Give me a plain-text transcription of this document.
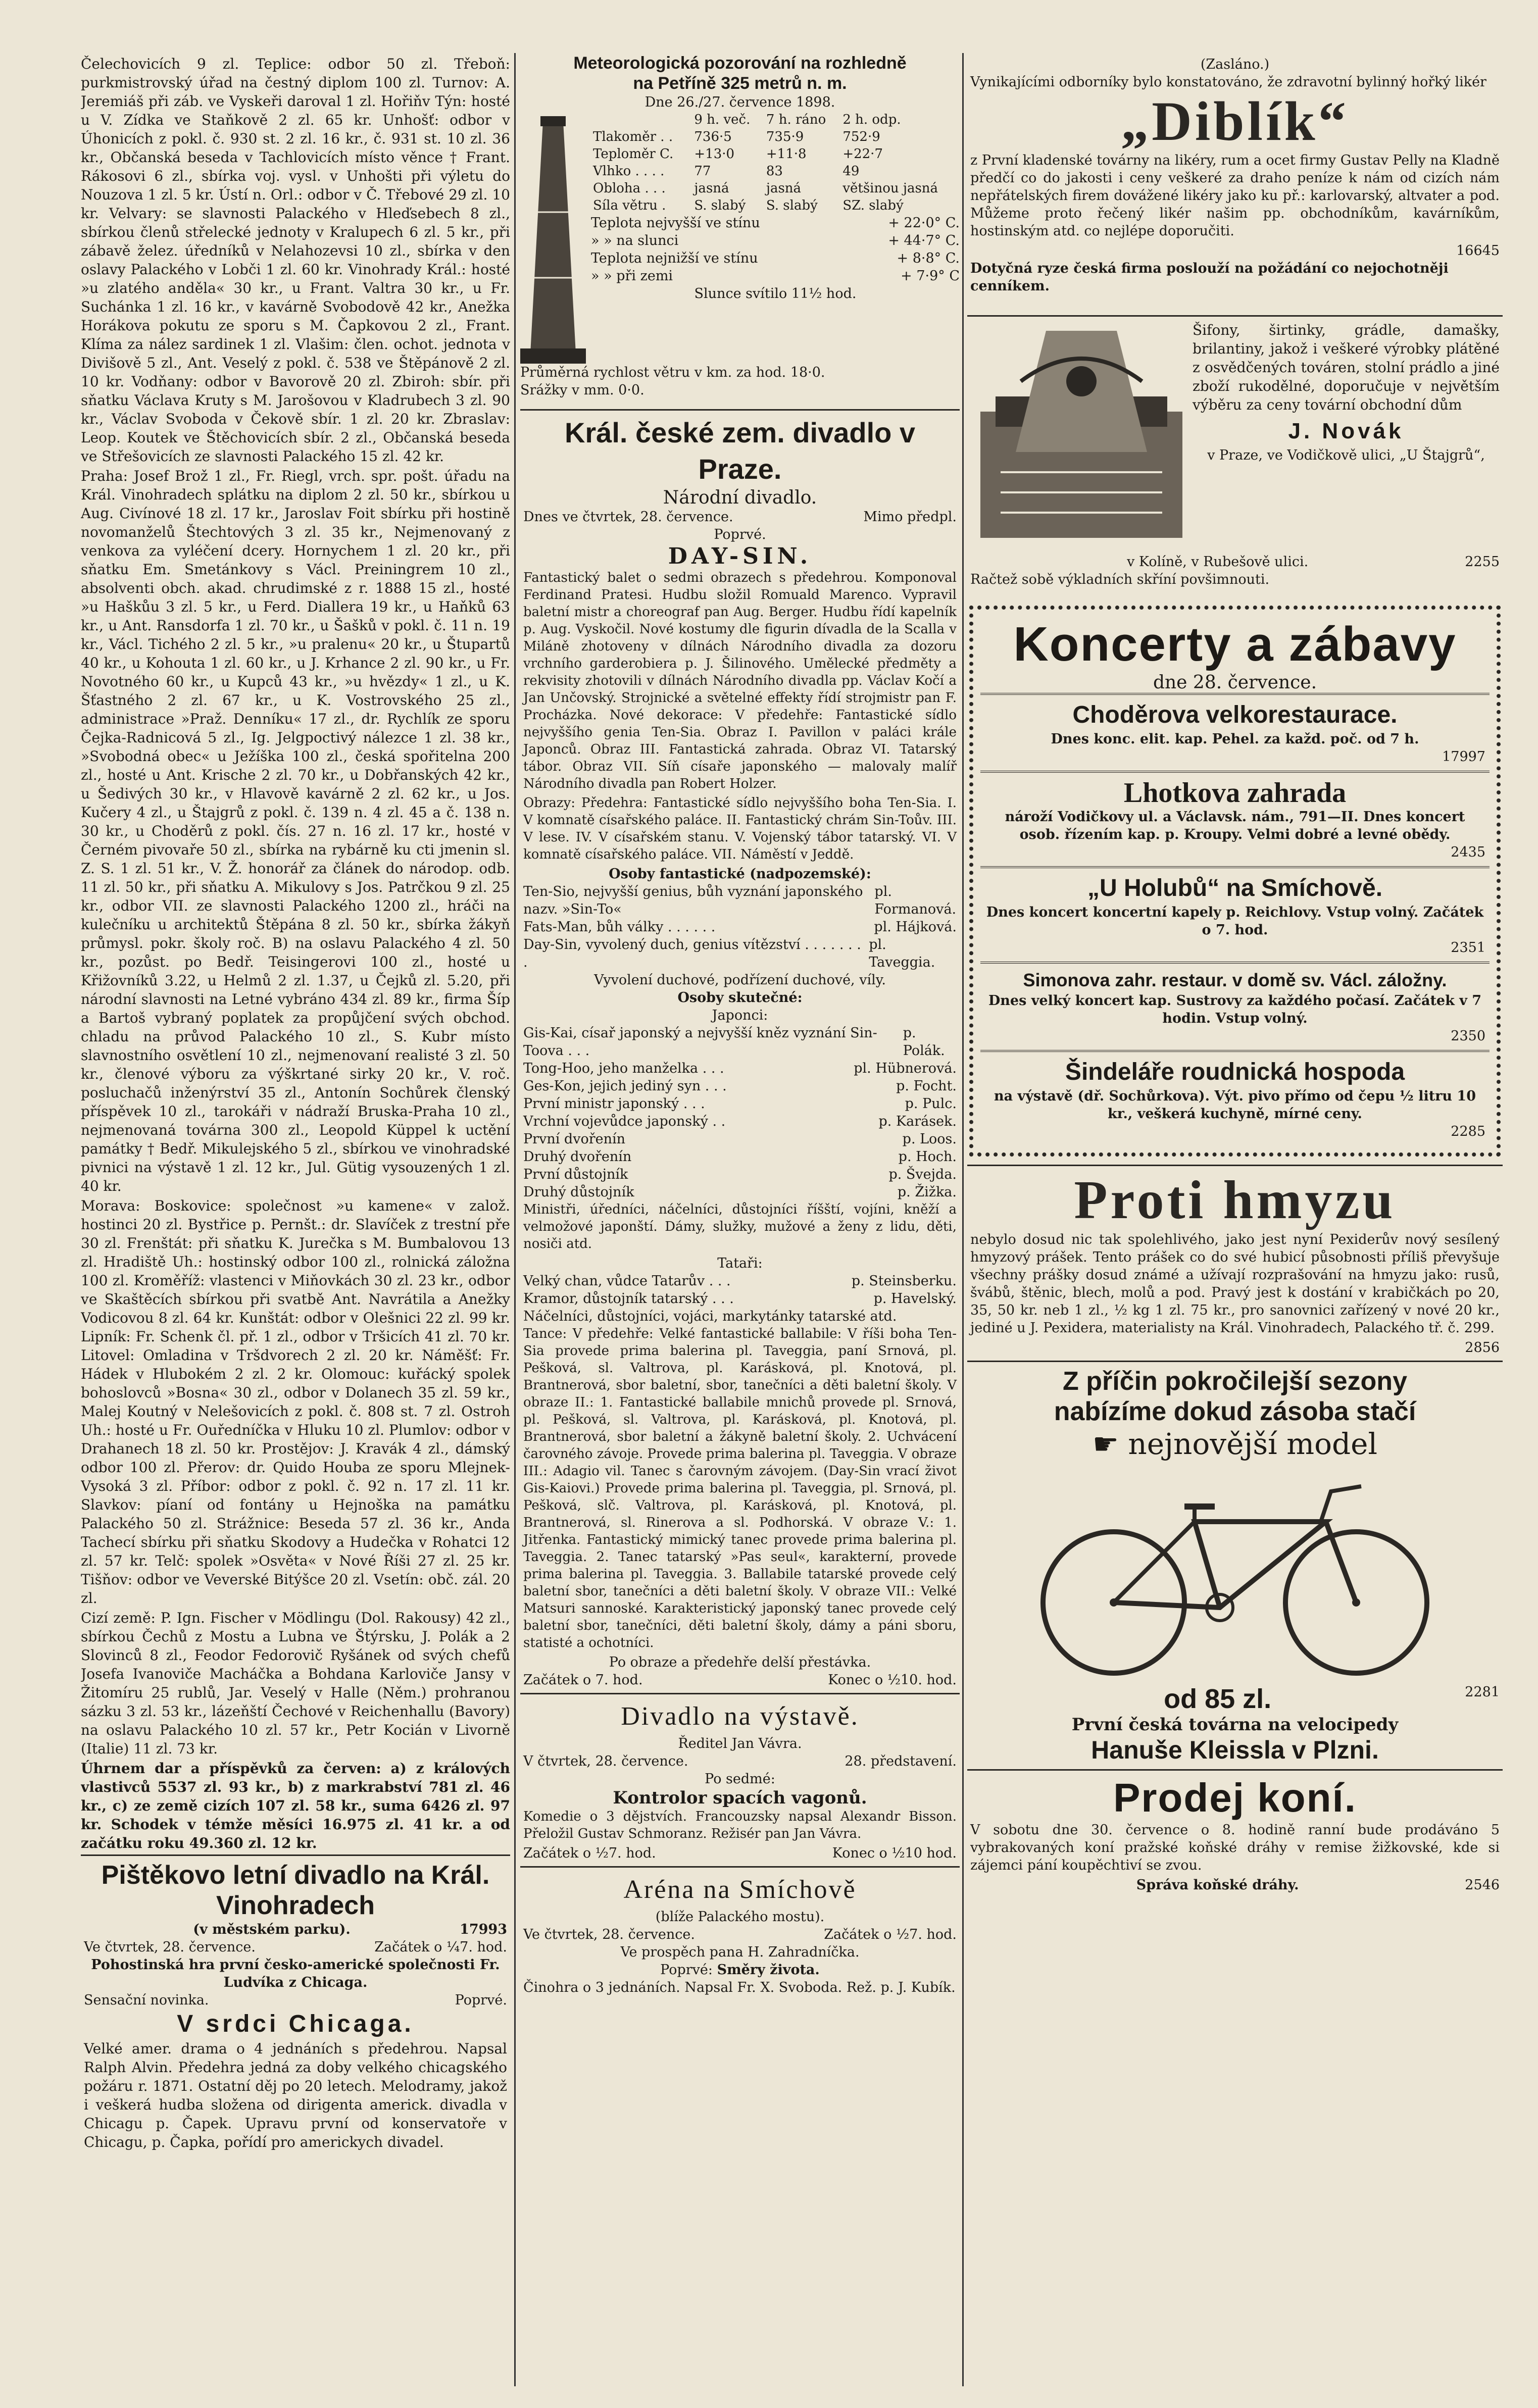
Čelechovicích 9 zl. Teplice: odbor 50 zl. Třeboň: purkmistrovský úřad na čestný diplom 100 zl. Turnov: A. Jeremiáš při záb. ve Vyskeři daroval 1 zl. Hořiňv Týn: hosté u V. Zídka ve Staňkově 2 zl. 65 kr. Unhošť: odbor v Úhonicích z pokl. č. 930 st. 2 zl. 16 kr., č. 931 st. 10 zl. 36 kr., Občanská beseda v Tachlovicích místo věnce † Frant. Rákosovi 6 zl., sbírka voj. vysl. v Unhošti při výletu do Nouzova 1 zl. 5 kr. Ústí n. Orl.: odbor v Č. Třebové 29 zl. 10 kr. Velvary: se slavnosti Palackého v Hleďsebech 8 zl., sbírkou členů střelecké jednoty v Kralupech 6 zl. 5 kr., při zábavě želez. úředníků v Nelahozevsi 10 zl., sbírka v den oslavy Palackého v Lobči 1 zl. 60 kr. Vinohrady Král.: hosté »u zlatého anděla« 30 kr., u Frant. Valtra 30 kr., u Fr. Suchánka 1 zl. 16 kr., v kavárně Svobodově 42 kr., Anežka Horákova pokutu ze sporu s M. Čapkovou 2 zl., Frant. Klíma za nález sardinek 1 zl. Vlašim: člen. ochot. jednota v Divišově 5 zl., Ant. Veselý z pokl. č. 538 ve Štěpánově 2 zl. 10 kr. Vodňany: odbor v Bavorově 20 zl. Zbiroh: sbír. při sňatku Václava Kruty s M. Jarošovou v Kladrubech 3 zl. 90 kr., Václav Svoboda v Čekově sbír. 1 zl. 20 kr. Zbraslav: Leop. Koutek ve Štěchovicích sbír. 2 zl., Občanská beseda ve Střešovicích ze slavnosti Palackého 15 zl. 42 kr.

Praha: Josef Brož 1 zl., Fr. Riegl, vrch. spr. pošt. úřadu na Král. Vinohradech splátku na diplom 2 zl. 50 kr., sbírkou u Aug. Civínové 18 zl. 17 kr., Jaroslav Foit sbírku při hostině novomanželů Štechtových 3 zl. 35 kr., Nejmenovaný z venkova za vyléčení dcery. Hornychem 1 zl. 20 kr., při sňatku Em. Smetánkovy s Václ. Preiningrem 10 zl., absolventi obch. akad. chrudimské z r. 1888 15 zl., hosté »u Haškůu 3 zl. 5 kr., u Ferd. Diallera 19 kr., u Haňků 63 kr., u Ant. Ransdorfa 1 zl. 70 kr., u Šašků v pokl. č. 11 n. 19 kr., Václ. Tichého 2 zl. 5 kr., »u pralenu« 20 kr., u Štupartů 40 kr., u Kohouta 1 zl. 60 kr., u J. Krhance 2 zl. 90 kr., u Fr. Novotného 60 kr., u Kupců 43 kr., »u hvězdy« 1 zl., u K. Šťastného 2 zl. 67 kr., u K. Vostrovského 25 zl., administrace »Praž. Denníku« 17 zl., dr. Rychlík ze sporu Čejka-Radnicová 5 zl., Ig. Jelgpoctivý nálezce 1 zl. 38 kr., »Svobodná obec« u Ježíška 100 zl., česká spořitelna 200 zl., hosté u Ant. Krische 2 zl. 70 kr., u Dobřanských 42 kr., u Šedivých 30 kr., v Hlavově kavárně 2 zl. 62 kr., u Jos. Kučery 4 zl., u Štajgrů z pokl. č. 139 n. 4 zl. 45 a č. 138 n. 30 kr., u Choděrů z pokl. čís. 27 n. 16 zl. 17 kr., hosté v Černém pivovaře 50 zl., sbírka na rybárně ku cti jmenin sl. Z. S. 1 zl. 51 kr., V. Ž. honorář za článek do národop. odb. 11 zl. 50 kr., při sňatku A. Mikulovy s Jos. Patrčkou 9 zl. 25 kr., odbor VII. ze slavnosti Palackého 1200 zl., hráči na kulečníku u architektů Štěpána 8 zl. 50 kr., sbírka žákyň průmysl. pokr. školy roč. B) na oslavu Palackého 4 zl. 50 kr., pozůst. po Bedř. Teisingerovi 100 zl., hosté u Křižovníků 3.22, u Helmů 2 zl. 1.37, u Čejků zl. 5.20, při národní slavnosti na Letné vybráno 434 zl. 89 kr., firma Šíp a Bartoš vybraný poplatek za propůjčení svých obchod. chladu na průvod Palackého 10 zl., S. Kubr místo slavnostního osvětlení 10 zl., nejmenovaní realisté 3 zl. 50 kr., členové výboru za výškrtané sirky 20 kr., V. roč. posluchačů inženýrství 35 zl., Antonín Sochůrek členský příspěvek 10 zl., tarokáři v nádraží Bruska-Praha 10 zl., nejmenovaná továrna 300 zl., Leopold Küppel k uctění památky † Bedř. Mikulejského 5 zl., sbírkou ve vinohradské pivnici na výstavě 1 zl. 12 kr., Jul. Gütig vysouzených 1 zl. 40 kr.

Morava: Boskovice: společnost »u kamene« v založ. hostinci 20 zl. Bystřice p. Pernšt.: dr. Slavíček z trestní pře 30 zl. Frenštát: při sňatku K. Jurečka s M. Bumbalovou 13 zl. Hradiště Uh.: hostinský odbor 100 zl., rolnická záložna 100 zl. Kroměříž: vlastenci v Miňovkách 30 zl. 23 kr., odbor ve Skaštěcích sbírkou při svatbě Ant. Navrátila a Anežky Vodicovou 8 zl. 64 kr. Kunštát: odbor v Olešnici 22 zl. 99 kr. Lipník: Fr. Schenk čl. př. 1 zl., odbor v Tršicích 41 zl. 70 kr. Litovel: Omladina v Tršdvorech 2 zl. 20 kr. Náměšť: Fr. Hádek v Hlubokém 2 zl. 2 kr. Olomouc: kuřácký spolek bohoslovců »Bosna« 30 zl., odbor v Dolanech 35 zl. 59 kr., Malej Koutný v Nelešovicích z pokl. č. 808 st. 7 zl. Ostroh Uh.: hosté u Fr. Ouředníčka v Hluku 10 zl. Plumlov: odbor v Drahanech 18 zl. 50 kr. Prostějov: J. Kravák 4 zl., dámský odbor 100 zl. Přerov: dr. Quido Houba ze sporu Mlejnek-Vysoká 3 zl. Příbor: odbor z pokl. č. 92 n. 17 zl. 11 kr. Slavkov: píaní od fontány u Hejnoška na památku Palackého 50 zl. Strážnice: Beseda 57 zl. 36 kr., Anda Tachecí sbírku při sňatku Skodovy a Hudečka v Rohatci 12 zl. 57 kr. Telč: spolek »Osvěta« v Nové Říši 27 zl. 25 kr. Tišňov: odbor ve Veverské Bitýšce 20 zl. Vsetín: obč. zál. 20 zl.

Cizí země: P. Ign. Fischer v Mödlingu (Dol. Rakousy) 42 zl., sbírkou Čechů z Mostu a Lubna ve Štýrsku, J. Polák a 2 Slovinců 8 zl., Feodor Fedorovič Ryšánek od svých chefů Josefa Ivanoviče Macháčka a Bohdana Karloviče Jansy v Žitomíru 25 rublů, Jar. Veselý v Halle (Něm.) prohranou sázku 3 zl. 53 kr., lázeňští Čechové v Reichenhallu (Bavory) na oslavu Palackého 10 zl. 57 kr., Petr Kocián v Livorně (Italie) 11 zl. 73 kr.

Úhrnem dar a příspěvků za červen: a) z králových vlastivců 5537 zl. 93 kr., b) z markrabství 781 zl. 46 kr., c) ze země cizích 107 zl. 58 kr., suma 6426 zl. 97 kr. Schodek v témže měsíci 16.975 zl. 41 kr. a od začátku roku 49.360 zl. 12 kr.

Pištěkovo letní divadlo na Král. Vinohradech
(v městském parku).	17993
Ve čtvrtek, 28. července.	Začátek o ¼7. hod.
Pohostinská hra první česko-americké společnosti Fr. Ludvíka z Chicaga.
Sensační novinka.	Poprvé.
V srdci Chicaga.
Velké amer. drama o 4 jednáních s předehrou. Napsal Ralph Alvin. Předehra jedná za doby velkého chicagského požáru r. 1871. Ostatní děj po 20 letech. Melodramy, jakož i veškerá hudba složena od dirigenta americk. divadla v Chicagu p. Čapek. Upravu první od konservatoře v Chicagu, p. Čapka, pořídí pro americkych divadel.
Meteorologická pozorování na rozhledně
na Petříně 325 metrů n. m.
Dne 26./27. července 1898.
	9 h. več.	7 h. ráno	2 h. odp.
Tlakoměr . .	736·5	735·9	752·9
Teploměr C.	+13·0	+11·8	+22·7
Vlhko . . . .	77	83	49
Obloha . . .	jasná	jasná	většinou jasná
Síla větru .	S. slabý	S. slabý	SZ. slabý
Teplota nejvyšší ve stínu	+ 22·0° C.
» » na slunci	+ 44·7° C.
Teplota nejnižší ve stínu	+ 8·8° C.
» » při zemi	+ 7·9° C
Slunce svítilo 11½ hod.
Průměrná rychlost větru v km. za hod. 18·0.
Srážky v mm. 0·0.
Král. české zem. divadlo v Praze.
Národní divadlo.
Dnes ve čtvrtek, 28. července.	Mimo předpl.
Poprvé.
DAY-SIN.
Fantastický balet o sedmi obrazech s předehrou. Komponoval Ferdinand Pratesi. Hudbu složil Romuald Marenco. Vypravil baletní mistr a choreograf pan Aug. Berger. Hudbu řídí kapelník p. Aug. Vyskočil. Nové kostumy dle figurin dívadla de la Scalla v Miláně zhotoveny v dílnách Národního divadla za dozoru vrchního garderobiera p. J. Šilinového. Umělecké předměty a rekvisity zhotovili v dílnách Národního divadla pp. Václav Kočí a Jan Unčovský. Strojnické a světelné effekty řídí strojmistr pan F. Procházka. Nové dekorace: V předehře: Fantastické sídlo nejvyššího genia Ten-Sia. Obraz I. Pavillon v paláci krále Japonců. Obraz III. Fantastická zahrada. Obraz VI. Tatarský tábor. Obraz VII. Síň císaře japonského — malovaly malíř Národního divadla pan Robert Holzer.
Obrazy: Předehra: Fantastické sídlo nejvyššího boha Ten-Sia. I. V komnatě císařského paláce. II. Fantastický chrám Sin-Toův. III. V lese. IV. V císařském stanu. V. Vojenský tábor tatarský. VI. V komnatě císařského paláce. VII. Náměstí v Jeddě.
Osoby fantastické (nadpozemské):
Ten-Sio, nejvyšší genius, bůh vyznání japonského nazv. »Sin-To«
pl. Formanová.
Fats-Man, bůh války . . . . . .	pl. Hájková.
Day-Sin, vyvolený duch, genius vítězství . . . . . . . .
pl. Taveggia.
Vyvolení duchové, podřízení duchové, víly.
Osoby skutečné:
Japonci:
Gis-Kai, císař japonský a nejvyšší kněz vyznání Sin-Toova . . .
p. Polák.
Tong-Hoo, jeho manželka . . .	pl. Hübnerová.
Ges-Kon, jejich jediný syn . . .	p. Focht.
První ministr japonský . . .	p. Pulc.
Vrchní vojevůdce japonský . .	p. Karásek.
První dvořenín	p. Loos.
Druhý dvořenín	p. Hoch.
První důstojník	p. Švejda.
Druhý důstojník	p. Žižka.
Ministři, úředníci, náčelníci, důstojníci říšští, vojíni, kněží a velmožové japonští. Dámy, služky, mužové a ženy z lidu, děti, nosiči atd.
Tataři:
Velký chan, vůdce Tatarův . . .	p. Steinsberku.
Kramor, důstojník tatarský . . .	p. Havelský.
Náčelníci, důstojníci, vojáci, markytánky tatarské atd.
Tance: V předehře: Velké fantastické ballabile: V říši boha Ten-Sia provede prima balerina pl. Taveggia, paní Srnová, pl. Pešková, sl. Valtrova, pl. Karásková, pl. Knotová, pl. Brantnerová, sbor baletní, sbor, tanečníci a děti baletní školy. V obraze II.: 1. Fantastické ballabile mnichů provede pl. Srnová, pl. Pešková, sl. Valtrova, pl. Karásková, pl. Knotová, pl. Brantnerová, sbor baletní a žákyně baletní školy. 2. Uchvácení čarovného závoje. Provede prima balerina pl. Taveggia. V obraze III.: Adagio vil. Tanec s čarovným závojem. (Day-Sin vrací život Gis-Kaiovi.) Provede prima balerina pl. Taveggia, pl. Srnová, pl. Pešková, slč. Valtrova, pl. Karásková, pl. Knotová, pl. Brantnerová, sl. Rinerova a sl. Podhorská. V obraze V.: 1. Jitřenka. Fantastický mimický tanec provede prima balerina pl. Taveggia. 2. Tanec tatarský »Pas seul«, karakterní, provede prima balerina pl. Taveggia. 3. Ballabile tatarské provede celý baletní sbor, tanečníci a děti baletní školy. V obraze VII.: Velké Matsuri sannoské. Karakteristický japonský tanec provede celý baletní sbor, tanečníci, děti baletní školy, dámy a páni sboru, statisté a ochotníci.
Po obraze a předehře delší přestávka.
Začátek o 7. hod.	Konec o ½10. hod.
Divadlo na výstavě.
Ředitel Jan Vávra.
V čtvrtek, 28. července.	28. představení.
Po sedmé:
Kontrolor spacích vagonů.
Komedie o 3 dějstvích. Francouzsky napsal Alexandr Bisson. Přeložil Gustav Schmoranz. Režisér pan Jan Vávra.
Začátek o ½7. hod.	Konec o ½10 hod.
Aréna na Smíchově
(blíže Palackého mostu).
Ve čtvrtek, 28. července.	Začátek o ½7. hod.
Ve prospěch pana H. Zahradníčka.
Poprvé: Směry života.
Činohra o 3 jednáních. Napsal Fr. X. Svoboda. Rež. p. J. Kubík.
(Zasláno.)
Vynikajícími odborníky bylo konstatováno, že zdravotní bylinný hořký likér
„Diblík“
z První kladenské továrny na likéry, rum a ocet firmy Gustav Pelly na Kladně předčí co do jakosti i ceny veškeré za draho peníze k nám od cizích nám nepřátelských firem dovážené likéry jako ku př.: karlovarský, altvater a pod. Můžeme proto řečený likér našim pp. obchodníkům, kavárníkům, hostinským atd. co nejlépe doporučiti.
16645
Dotyčná ryze česká firma poslouží na požádání co nejochotněji cenníkem.
Šifony, širtinky, grádle, damašky, brilantiny, jakož i veškeré výrobky plátěné z osvědčených továren, stolní prádlo a jiné zboží rukodělné, doporučuje v největším výběru za ceny tovární obchodní dům
J. Novák
v Praze, ve Vodičkově ulici, „U Štajgrů“,
v Kolíně, v Rubešově ulici.	2255
Račtež sobě výkladních skříní povšimnouti.
Koncerty a zábavy
dne 28. července.
Choděrova velkorestaurace.
Dnes konc. elit. kap. Pehel. za každ. poč. od 7 h.
17997
Lhotkova zahrada
nároží Vodičkovy ul. a Václavsk. nám., 791—II. Dnes koncert osob. řízením kap. p. Kroupy. Velmi dobré a levné obědy.
2435
„U Holubů“ na Smíchově.
Dnes koncert koncertní kapely p. Reichlovy. Vstup volný. Začátek o 7. hod.
2351
Simonova zahr. restaur. v domě sv. Václ. záložny.
Dnes velký koncert kap. Sustrovy za každého počasí. Začátek v 7 hodin. Vstup volný.
2350
Šindeláře roudnická hospoda
na výstavě (dř. Sochůrkova). Výt. pivo přímo od čepu ½ litru 10 kr., veškerá kuchyně, mírné ceny.
2285
Proti hmyzu
nebylo dosud nic tak spolehlivého, jako jest nyní Pexiderův nový sesílený hmyzový prášek. Tento prášek co do své hubicí působnosti příliš převyšuje všechny prášky dosud známé a užívají rozprašování na hmyzu jako: rusů, švábů, štěnic, blech, molů a pod. Pravý jest k dostání v krabičkách po 20, 35, 50 kr. neb 1 zl., ½ kg 1 zl. 75 kr., pro sanovnici zařízený v nové 20 kr., jediné u J. Pexidera, materialisty na Král. Vinohradech, Palackého tř. č. 299.
2856
Z příčin pokročilejší sezony
nabízíme dokud zásoba stačí
☛ nejnovější model
od 85 zl.	2281
První česká továrna na velocipedy
Hanuše Kleissla v Plzni.
Prodej koní.
V sobotu dne 30. července o 8. hodině ranní bude prodáváno 5 vybrakovaných koní pražské koňské dráhy v remise žižkovské, kde si zájemci pání koupěchtiví se zvou.
Správa koňské dráhy.	2546
